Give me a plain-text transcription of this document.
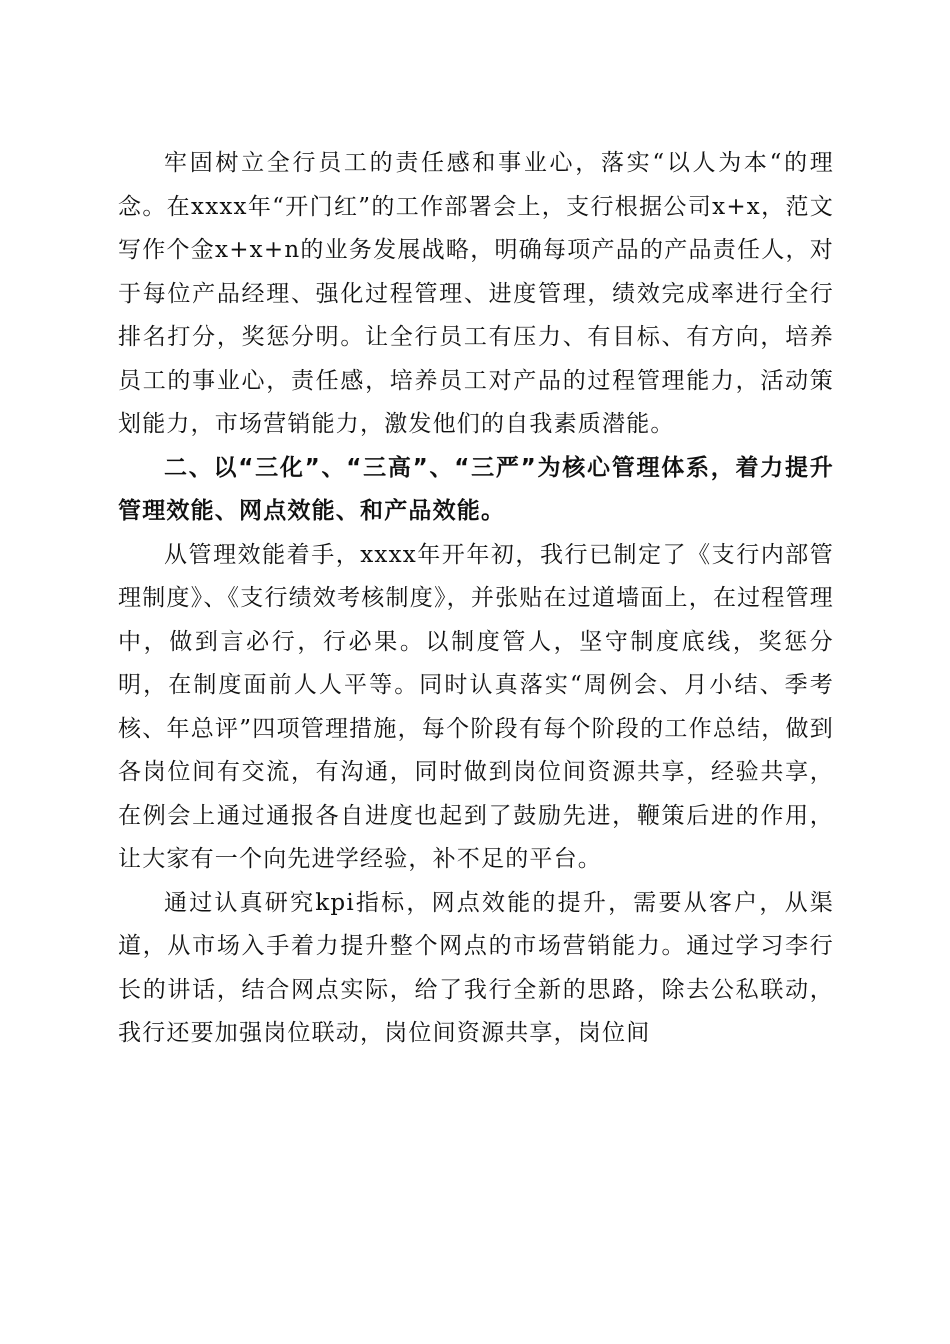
牢固树立全行员工的责任感和事业心，落实“以人为本“的理念。在xxxx年“开门红”的工作部署会上，支行根据公司x+x，范文写作个金x+x+n的业务发展战略，明确每项产品的产品责任人，对于每位产品经理、强化过程管理、进度管理，绩效完成率进行全行排名打分，奖惩分明。让全行员工有压力、有目标、有方向，培养员工的事业心，责任感，培养员工对产品的过程管理能力，活动策划能力，市场营销能力，激发他们的自我素质潜能。

二、以“三化”、“三高”、“三严”为核心管理体系，着力提升管理效能、网点效能、和产品效能。

从管理效能着手，xxxx年开年初，我行已制定了《支行内部管理制度》、《支行绩效考核制度》，并张贴在过道墙面上，在过程管理中，做到言必行，行必果。以制度管人，坚守制度底线，奖惩分明，在制度面前人人平等。同时认真落实“周例会、月小结、季考核、年总评”四项管理措施，每个阶段有每个阶段的工作总结，做到各岗位间有交流，有沟通，同时做到岗位间资源共享，经验共享，在例会上通过通报各自进度也起到了鼓励先进，鞭策后进的作用，让大家有一个向先进学经验，补不足的平台。

通过认真研究kpi指标，网点效能的提升，需要从客户，从渠道，从市场入手着力提升整个网点的市场营销能力。通过学习李行长的讲话，结合网点实际，给了我行全新的思路，除去公私联动，我行还要加强岗位联动，岗位间资源共享，岗位间
